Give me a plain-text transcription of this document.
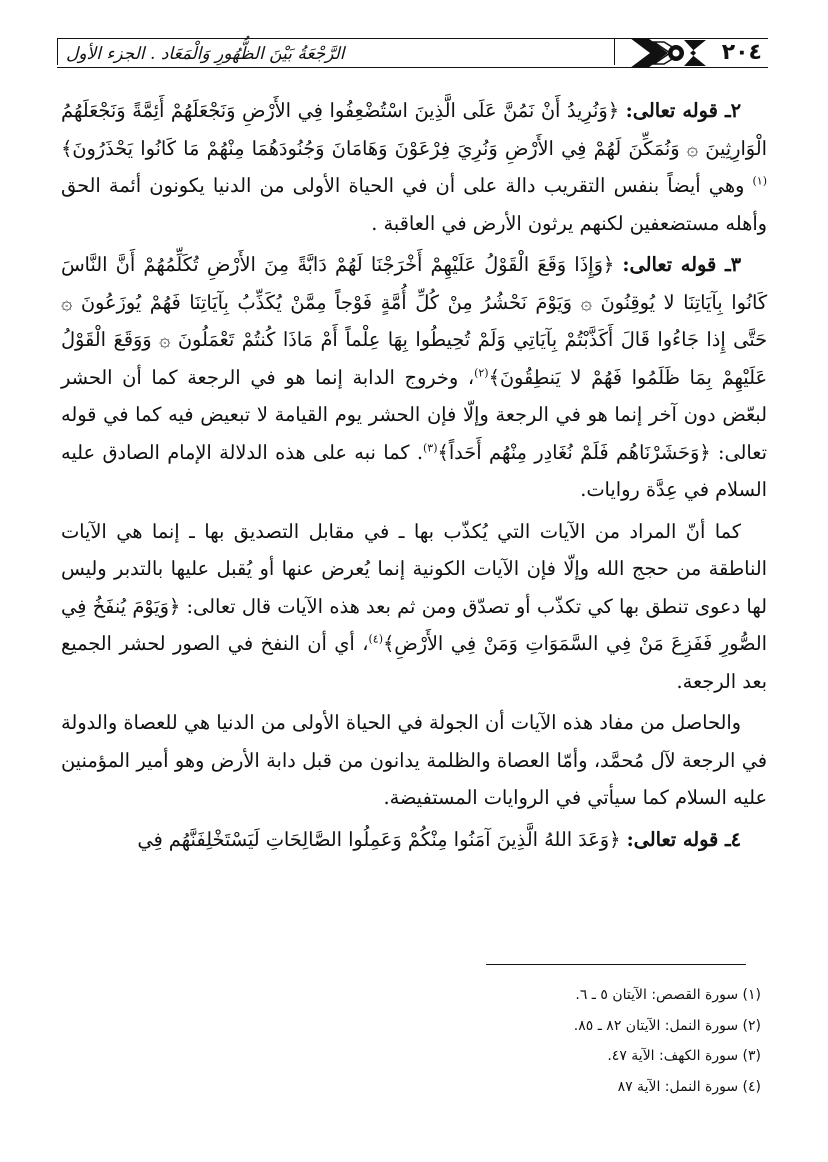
٢٠٤
الرَّجْعَةُ بَيْنَ الظُّهُورِ وَالْمَعَاد . الجزء الأول

٢ـ قوله تعالى: ﴿وَنُرِيدُ أَنْ نَمُنَّ عَلَى الَّذِينَ اسْتُضْعِفُوا فِي الأَرْضِ وَنَجْعَلَهُمْ أَئِمَّةً وَنَجْعَلَهُمُ الْوَارِثِينَ ۞ وَنُمَكِّنَ لَهُمْ فِي الأَرْضِ وَنُرِيَ فِرْعَوْنَ وَهَامَانَ وَجُنُودَهُمَا مِنْهُمْ مَا كَانُوا يَحْذَرُونَ﴾$^{(١)}$ وهي أيضاً بنفس التقريب دالة على أن في الحياة الأولى من الدنيا يكونون أئمة الحق وأهله مستضعفين لكنهم يرثون الأرض في العاقبة .

٣ـ قوله تعالى: ﴿وَإِذَا وَقَعَ الْقَوْلُ عَلَيْهِمْ أَخْرَجْنَا لَهُمْ دَابَّةً مِنَ الأَرْضِ تُكَلِّمُهُمْ أَنَّ النَّاسَ كَانُوا بِآيَاتِنَا لا يُوقِنُونَ ۞ وَيَوْمَ نَحْشُرُ مِنْ كُلِّ أُمَّةٍ فَوْجاً مِمَّنْ يُكَذِّبُ بِآيَاتِنَا فَهُمْ يُوزَعُونَ ۞ حَتَّى إِذا جَاءُوا قَالَ أَكَذَّبْتُمْ بِآيَاتِي وَلَمْ تُحِيطُوا بِهَا عِلْماً أَمْ مَاذَا كُنتُمْ تَعْمَلُونَ ۞ وَوَقَعَ الْقَوْلُ عَلَيْهِمْ بِمَا ظَلَمُوا فَهُمْ لا يَنطِقُونَ﴾$^{(٢)}$، وخروج الدابة إنما هو في الرجعة كما أن الحشر لبعّض دون آخر إنما هو في الرجعة وإلّا فإن الحشر يوم القيامة لا تبعيض فيه كما في قوله تعالى: ﴿وَحَشَرْنَاهُم فَلَمْ نُغَادِر مِنْهُم أَحَداً﴾$^{(٣)}$. كما نبه على هذه الدلالة الإمام الصادق عليه السلام في عِدَّة روايات.

كما أنّ المراد من الآيات التي يُكذّب بها ـ في مقابل التصديق بها ـ إنما هي الآيات الناطقة من حجج الله وإلّا فإن الآيات الكونية إنما يُعرض عنها أو يُقبل عليها بالتدبر وليس لها دعوى تنطق بها كي تكذّب أو تصدّق ومن ثم بعد هذه الآيات قال تعالى: ﴿وَيَوْمَ يُنفَخُ فِي الصُّورِ فَفَزِعَ مَنْ فِي السَّمَوَاتِ وَمَنْ فِي الأَرْضِ﴾$^{(٤)}$، أي أن النفخ في الصور لحشر الجميع بعد الرجعة.

والحاصل من مفاد هذه الآيات أن الجولة في الحياة الأولى من الدنيا هي للعصاة والدولة في الرجعة لآل مُحمَّد، وأمّا العصاة والظلمة يدانون من قبل دابة الأرض وهو أمير المؤمنين عليه السلام كما سيأتي في الروايات المستفيضة.

٤ـ قوله تعالى: ﴿وَعَدَ اللهُ الَّذِينَ آمَنُوا مِنْكُمْ وَعَمِلُوا الصَّالِحَاتِ لَيَسْتَخْلِفَنَّهُم فِي

(١) سورة القصص: الآيتان ٥ ـ ٦.

(٢) سورة النمل: الآيتان ٨٢ ـ ٨٥.

(٣) سورة الكهف: الآية ٤٧.

(٤) سورة النمل: الآية ٨٧
